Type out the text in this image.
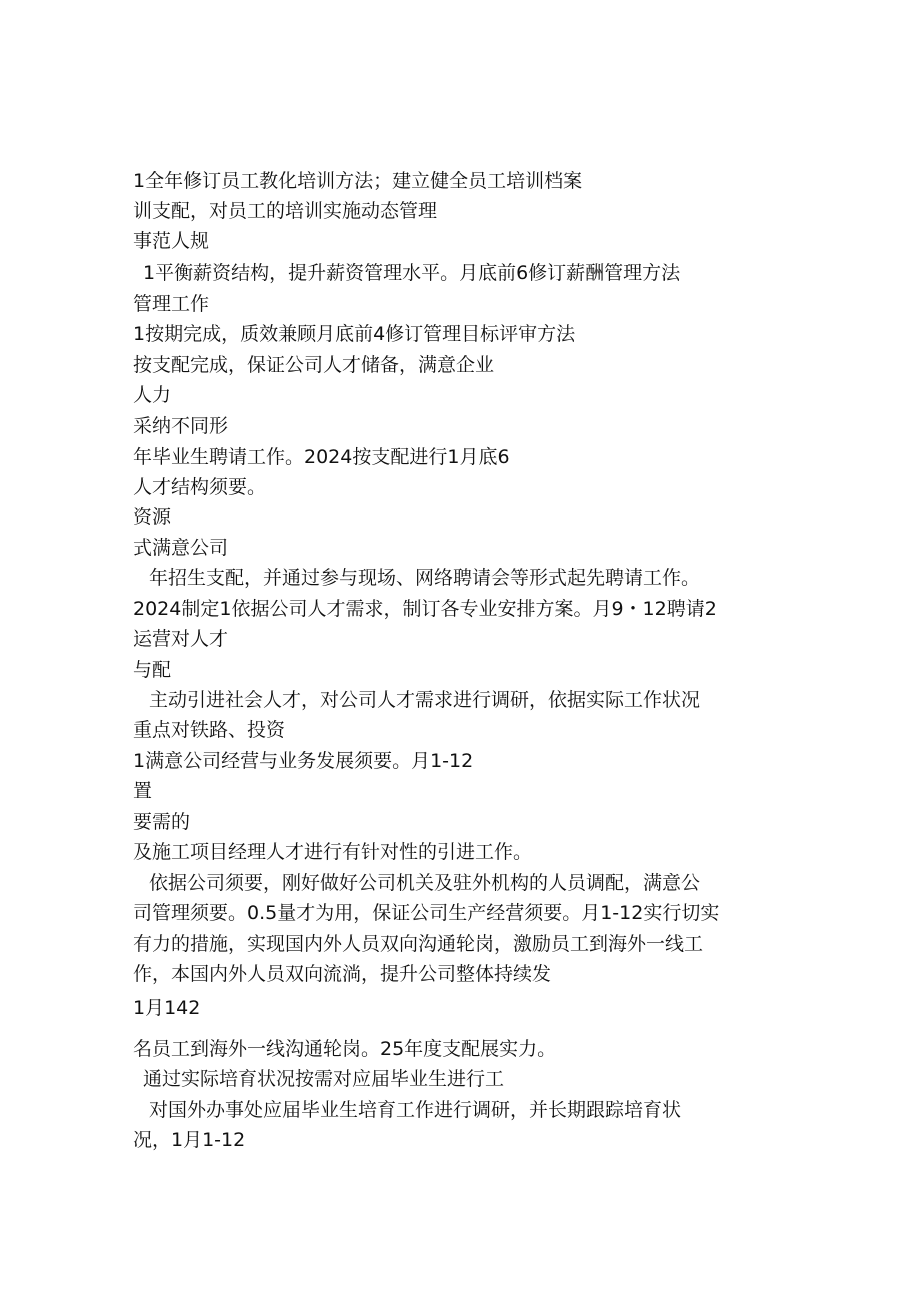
1全年修订员工教化培训方法；建立健全员工培训档案
训支配，对员工的培训实施动态管理
事范人规
1平衡薪资结构，提升薪资管理水平。月底前6修订薪酬管理方法
管理工作
1按期完成，质效兼顾月底前4修订管理目标评审方法
按支配完成，保证公司人才储备，满意企业
人力
采纳不同形
年毕业生聘请工作。2024按支配进行1月底6
人才结构须要。
资源
式满意公司
年招生支配，并通过参与现场、网络聘请会等形式起先聘请工作。
2024制定1依据公司人才需求，制订各专业安排方案。月9・12聘请2
运营对人才
与配
主动引进社会人才，对公司人才需求进行调研，依据实际工作状况
重点对铁路、投资
1满意公司经营与业务发展须要。月1-12
置
要需的
及施工项目经理人才进行有针对性的引进工作。
依据公司须要，刚好做好公司机关及驻外机构的人员调配，满意公
司管理须要。0.5量才为用，保证公司生产经营须要。月1-12实行切实
有力的措施，实现国内外人员双向沟通轮岗，激励员工到海外一线工
作，本国内外人员双向流淌，提升公司整体持续发
1月142
名员工到海外一线沟通轮岗。25年度支配展实力。
通过实际培育状况按需对应届毕业生进行工
对国外办事处应届毕业生培育工作进行调研，并长期跟踪培育状
况，1月1-12
